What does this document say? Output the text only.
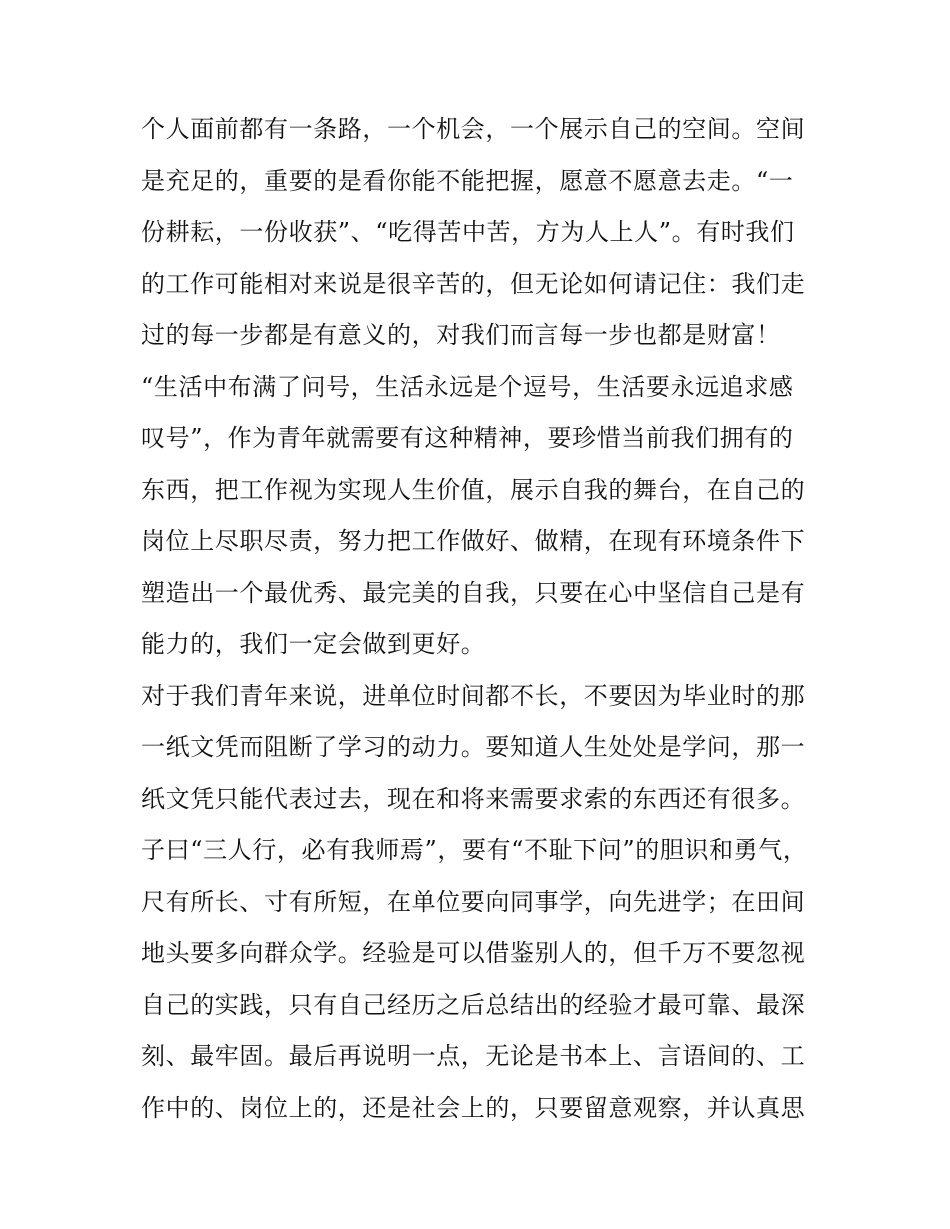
个人面前都有一条路，一个机会，一个展示自己的空间。空间
是充足的，重要的是看你能不能把握，愿意不愿意去走。“一
份耕耘，一份收获”、“吃得苦中苦，方为人上人”。有时我们
的工作可能相对来说是很辛苦的，但无论如何请记住：我们走
过的每一步都是有意义的，对我们而言每一步也都是财富！
“生活中布满了问号，生活永远是个逗号，生活要永远追求感
叹号”，作为青年就需要有这种精神，要珍惜当前我们拥有的
东西，把工作视为实现人生价值，展示自我的舞台，在自己的
岗位上尽职尽责，努力把工作做好、做精，在现有环境条件下
塑造出一个最优秀、最完美的自我，只要在心中坚信自己是有
能力的，我们一定会做到更好。
对于我们青年来说，进单位时间都不长，不要因为毕业时的那
一纸文凭而阻断了学习的动力。要知道人生处处是学问，那一
纸文凭只能代表过去，现在和将来需要求索的东西还有很多。
子曰“三人行，必有我师焉”，要有“不耻下问”的胆识和勇气，
尺有所长、寸有所短，在单位要向同事学，向先进学；在田间
地头要多向群众学。经验是可以借鉴别人的，但千万不要忽视
自己的实践，只有自己经历之后总结出的经验才最可靠、最深
刻、最牢固。最后再说明一点，无论是书本上、言语间的、工
作中的、岗位上的，还是社会上的，只要留意观察，并认真思
